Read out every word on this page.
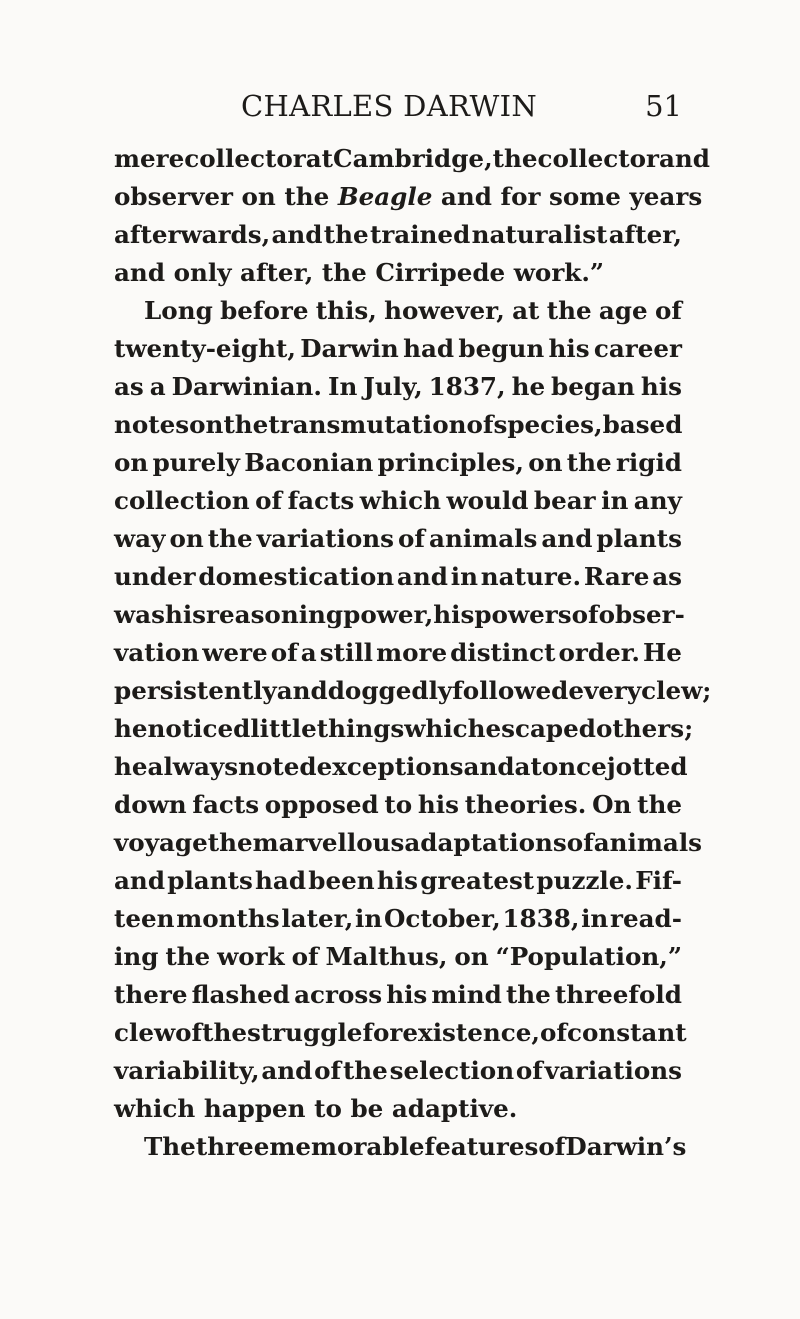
CHARLES DARWIN	51
mere collector at Cambridge, the collector and
observer on the Beagle and for some years
afterwards, and the trained naturalist after,
and only after, the Cirripede work.”
Long before this, however, at the age of
twenty-eight, Darwin had begun his career
as a Darwinian. In July, 1837, he began his
notes on the transmutation of species, based
on purely Baconian principles, on the rigid
collection of facts which would bear in any
way on the variations of animals and plants
under domestication and in nature. Rare as
was his reasoning power, his powers of obser-
vation were of a still more distinct order. He
persistently and doggedly followed every clew;
he noticed little things which escaped others;
he always noted exceptions and at once jotted
down facts opposed to his theories. On the
voyage the marvellous adaptations of animals
and plants had been his greatest puzzle. Fif-
teen months later, in October, 1838, in read-
ing the work of Malthus, on “Population,”
there flashed across his mind the threefold
clew of the struggle for existence, of constant
variability, and of the selection of variations
which happen to be adaptive.
The three memorable features of Darwin’s
